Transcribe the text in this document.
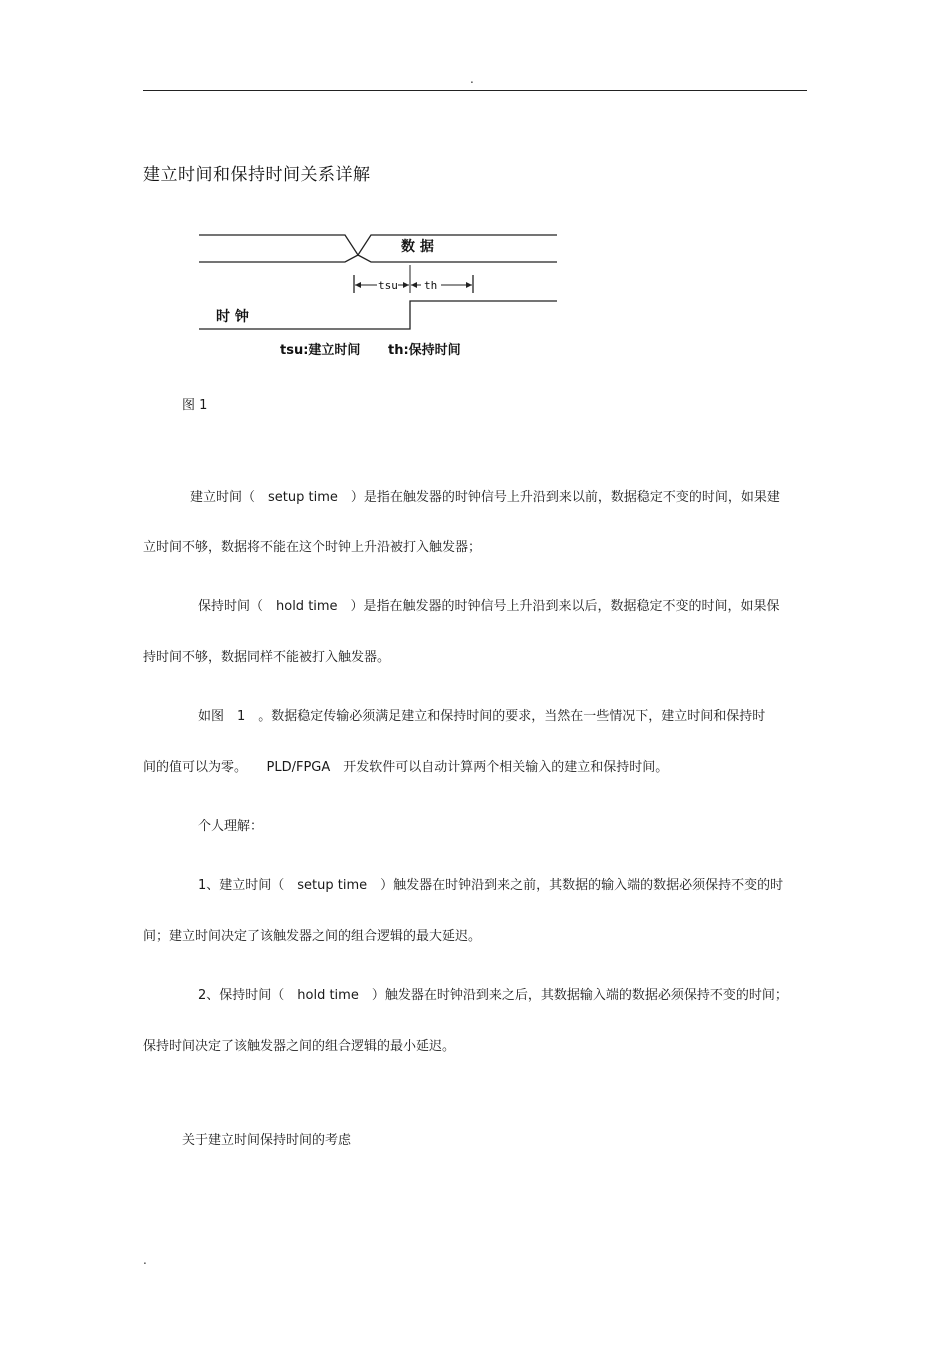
.
建立时间和保持时间关系详解
数 据
tsu th
时 钟
tsu:建立时间 th:保持时间
图 1
建立时间（　setup time　）是指在触发器的时钟信号上升沿到来以前，数据稳定不变的时间，如果建
立时间不够，数据将不能在这个时钟上升沿被打入触发器；
保持时间（　hold time　）是指在触发器的时钟信号上升沿到来以后，数据稳定不变的时间，如果保
持时间不够，数据同样不能被打入触发器。
如图　1　。数据稳定传输必须满足建立和保持时间的要求，当然在一些情况下，建立时间和保持时
间的值可以为零。　　PLD/FPGA　开发软件可以自动计算两个相关输入的建立和保持时间。
个人理解：
1、建立时间（　setup time　）触发器在时钟沿到来之前，其数据的输入端的数据必须保持不变的时
间；建立时间决定了该触发器之间的组合逻辑的最大延迟。
2、保持时间（　hold time　）触发器在时钟沿到来之后，其数据输入端的数据必须保持不变的时间；
保持时间决定了该触发器之间的组合逻辑的最小延迟。
关于建立时间保持时间的考虑
.
